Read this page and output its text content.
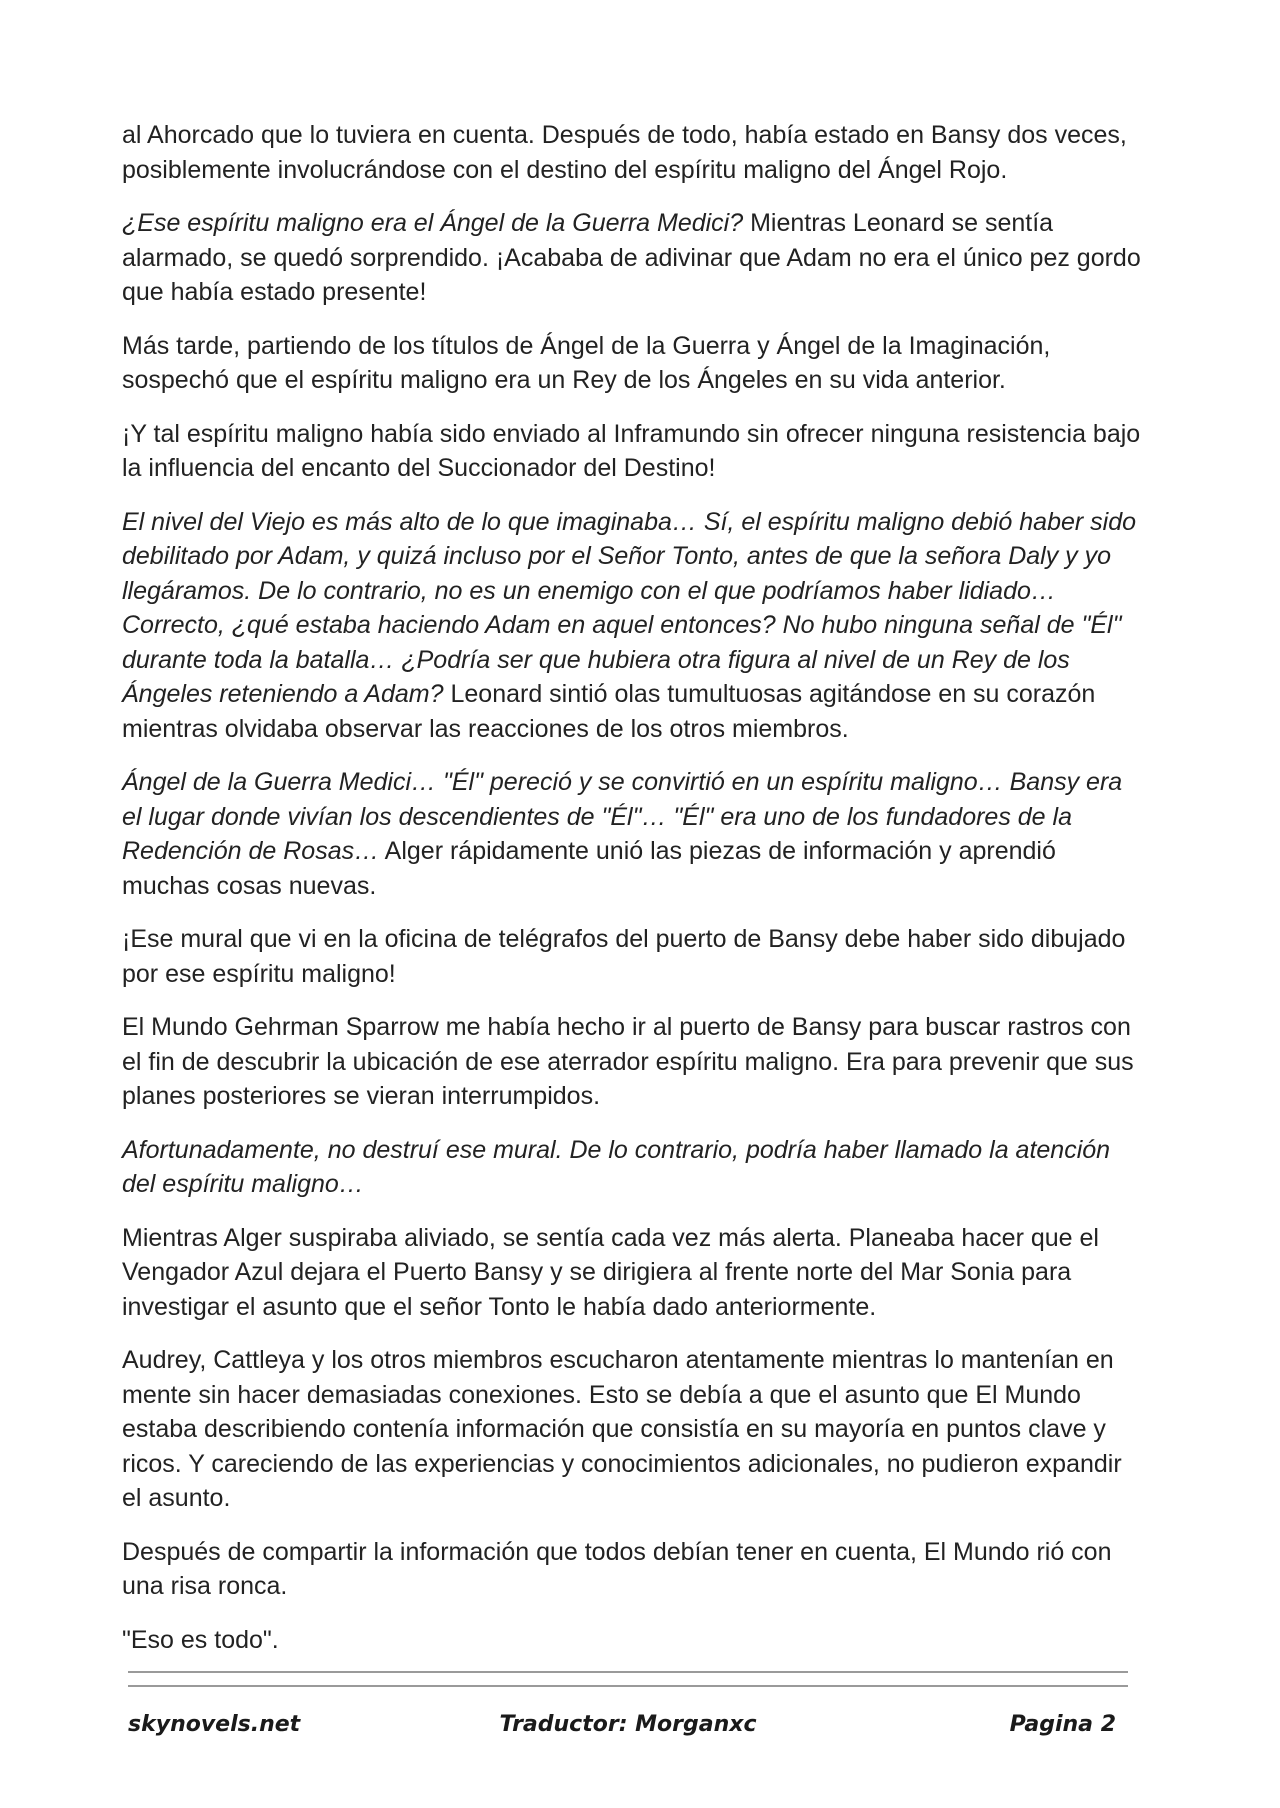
al Ahorcado que lo tuviera en cuenta. Después de todo, había estado en Bansy dos veces, posiblemente involucrándose con el destino del espíritu maligno del Ángel Rojo.

¿Ese espíritu maligno era el Ángel de la Guerra Medici? Mientras Leonard se sentía alarmado, se quedó sorprendido. ¡Acababa de adivinar que Adam no era el único pez gordo que había estado presente!

Más tarde, partiendo de los títulos de Ángel de la Guerra y Ángel de la Imaginación, sospechó que el espíritu maligno era un Rey de los Ángeles en su vida anterior.

¡Y tal espíritu maligno había sido enviado al Inframundo sin ofrecer ninguna resistencia bajo la influencia del encanto del Succionador del Destino!

El nivel del Viejo es más alto de lo que imaginaba… Sí, el espíritu maligno debió haber sido debilitado por Adam, y quizá incluso por el Señor Tonto, antes de que la señora Daly y yo llegáramos. De lo contrario, no es un enemigo con el que podríamos haber lidiado… Correcto, ¿qué estaba haciendo Adam en aquel entonces? No hubo ninguna señal de "Él" durante toda la batalla… ¿Podría ser que hubiera otra figura al nivel de un Rey de los Ángeles reteniendo a Adam? Leonard sintió olas tumultuosas agitándose en su corazón mientras olvidaba observar las reacciones de los otros miembros.

Ángel de la Guerra Medici… "Él" pereció y se convirtió en un espíritu maligno… Bansy era el lugar donde vivían los descendientes de "Él"… "Él" era uno de los fundadores de la Redención de Rosas… Alger rápidamente unió las piezas de información y aprendió muchas cosas nuevas.

¡Ese mural que vi en la oficina de telégrafos del puerto de Bansy debe haber sido dibujado por ese espíritu maligno!

El Mundo Gehrman Sparrow me había hecho ir al puerto de Bansy para buscar rastros con el fin de descubrir la ubicación de ese aterrador espíritu maligno. Era para prevenir que sus planes posteriores se vieran interrumpidos.

Afortunadamente, no destruí ese mural. De lo contrario, podría haber llamado la atención del espíritu maligno…

Mientras Alger suspiraba aliviado, se sentía cada vez más alerta. Planeaba hacer que el Vengador Azul dejara el Puerto Bansy y se dirigiera al frente norte del Mar Sonia para investigar el asunto que el señor Tonto le había dado anteriormente.

Audrey, Cattleya y los otros miembros escucharon atentamente mientras lo mantenían en mente sin hacer demasiadas conexiones. Esto se debía a que el asunto que El Mundo estaba describiendo contenía información que consistía en su mayoría en puntos clave y ricos. Y careciendo de las experiencias y conocimientos adicionales, no pudieron expandir el asunto.

Después de compartir la información que todos debían tener en cuenta, El Mundo rió con una risa ronca.

"Eso es todo".

skynovels.net	Traductor: Morganxc	Pagina 2
